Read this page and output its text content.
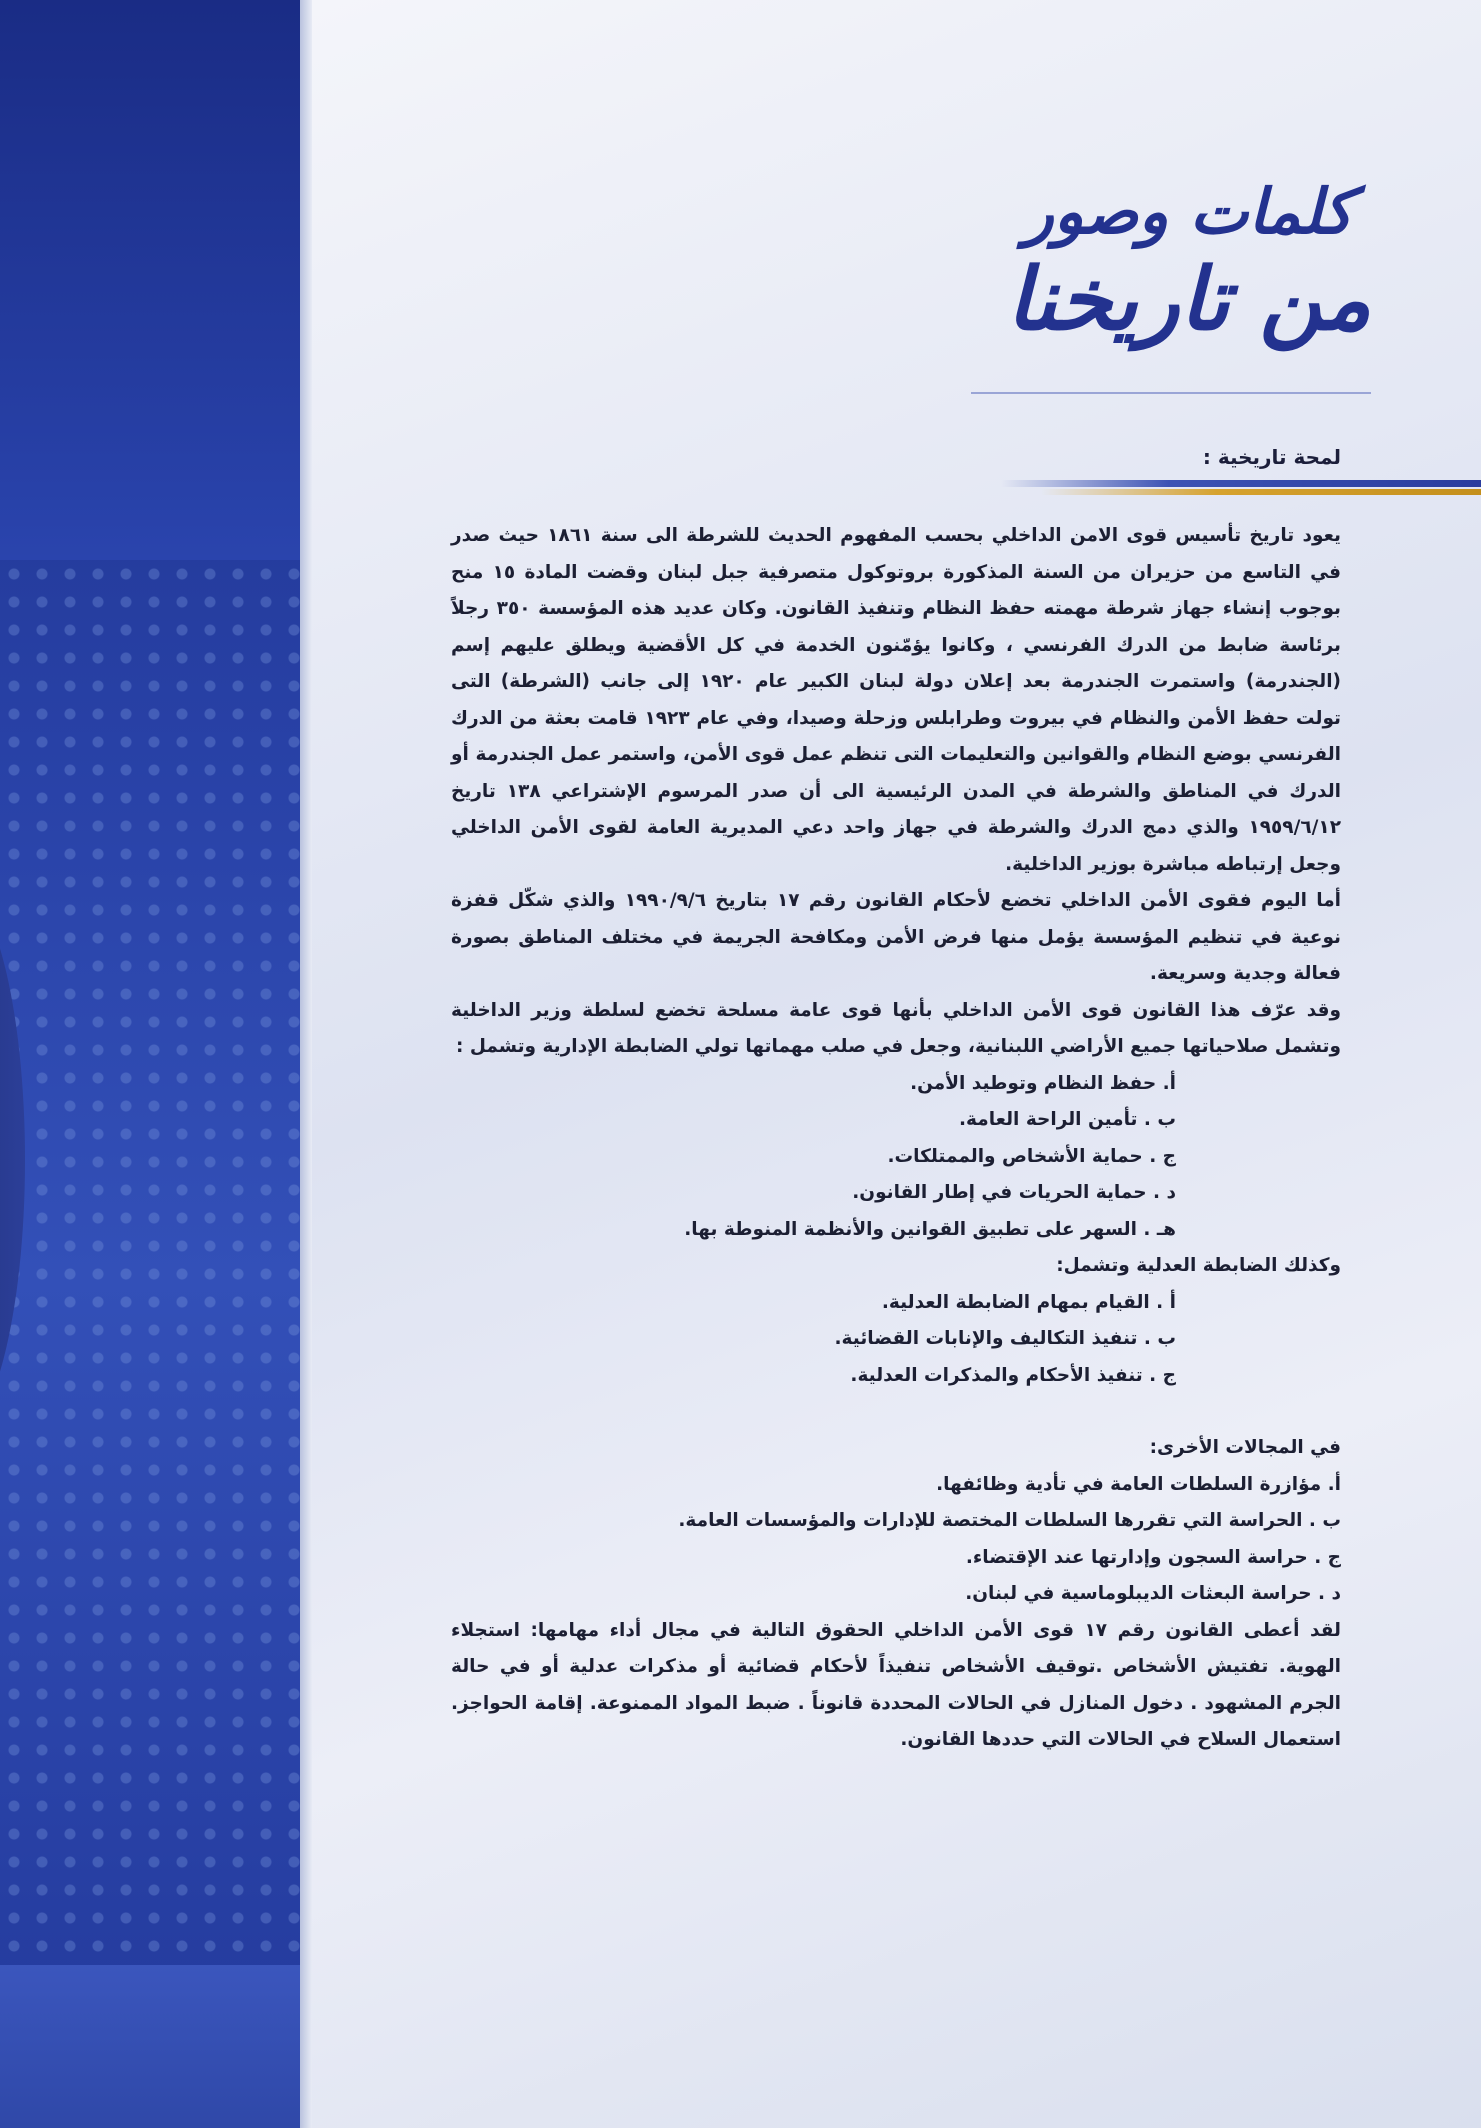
كلمات وصور
من تاريخنا
لمحة تاريخية :

يعود تاريخ تأسيس قوى الامن الداخلي بحسب المفهوم الحديث للشرطة الى سنة ١٨٦١ حيث صدر في التاسع من حزيران من السنة المذكورة بروتوكول متصرفية جبل لبنان وقضت المادة ١٥ منح بوجوب إنشاء جهاز شرطة مهمته حفظ النظام وتنفيذ القانون. وكان عديد هذه المؤسسة ٣٥٠ رجلاً برئاسة ضابط من الدرك الفرنسي ، وكانوا يؤمّنون الخدمة في كل الأقضية ويطلق عليهم إسم (الجندرمة) واستمرت الجندرمة بعد إعلان دولة لبنان الكبير عام ١٩٢٠ إلى جانب (الشرطة) التى تولت حفظ الأمن والنظام في بيروت وطرابلس وزحلة وصيدا، وفي عام ١٩٢٣ قامت بعثة من الدرك الفرنسي بوضع النظام والقوانين والتعليمات التى تنظم عمل قوى الأمن، واستمر عمل الجندرمة أو الدرك في المناطق والشرطة في المدن الرئيسية الى أن صدر المرسوم الإشتراعي ١٣٨ تاريخ ١٩٥٩/٦/١٢ والذي دمج الدرك والشرطة في جهاز واحد دعي المديرية العامة لقوى الأمن الداخلي وجعل إرتباطه مباشرة بوزير الداخلية.

أما اليوم فقوى الأمن الداخلي تخضع لأحكام القانون رقم ١٧ بتاريخ ١٩٩٠/٩/٦ والذي شكّل قفزة نوعية في تنظيم المؤسسة يؤمل منها فرض الأمن ومكافحة الجريمة في مختلف المناطق بصورة فعالة وجدية وسريعة.

وقد عرّف هذا القانون قوى الأمن الداخلي بأنها قوى عامة مسلحة تخضع لسلطة وزير الداخلية وتشمل صلاحياتها جميع الأراضي اللبنانية، وجعل في صلب مهماتها تولي الضابطة الإدارية وتشمل :

أ. حفظ النظام وتوطيد الأمن.
ب . تأمين الراحة العامة.
ج . حماية الأشخاص والممتلكات.
د . حماية الحريات في إطار القانون.
هـ . السهر على تطبيق القوانين والأنظمة المنوطة بها.

وكذلك الضابطة العدلية وتشمل:

أ . القيام بمهام الضابطة العدلية.
ب . تنفيذ التكاليف والإنابات القضائية.
ج . تنفيذ الأحكام والمذكرات العدلية.

في المجالات الأخرى:

أ. مؤازرة السلطات العامة في تأدية وظائفها.
ب . الحراسة التي تقررها السلطات المختصة للإدارات والمؤسسات العامة.
ج . حراسة السجون وإدارتها عند الإقتضاء.
د . حراسة البعثات الديبلوماسية في لبنان.

لقد أعطى القانون رقم ١٧ قوى الأمن الداخلي الحقوق التالية في مجال أداء مهامها: استجلاء الهوية. تفتيش الأشخاص .توقيف الأشخاص تنفيذاً لأحكام قضائية أو مذكرات عدلية أو في حالة الجرم المشهود . دخول المنازل في الحالات المحددة قانوناً . ضبط المواد الممنوعة. إقامة الحواجز. استعمال السلاح في الحالات التي حددها القانون.
